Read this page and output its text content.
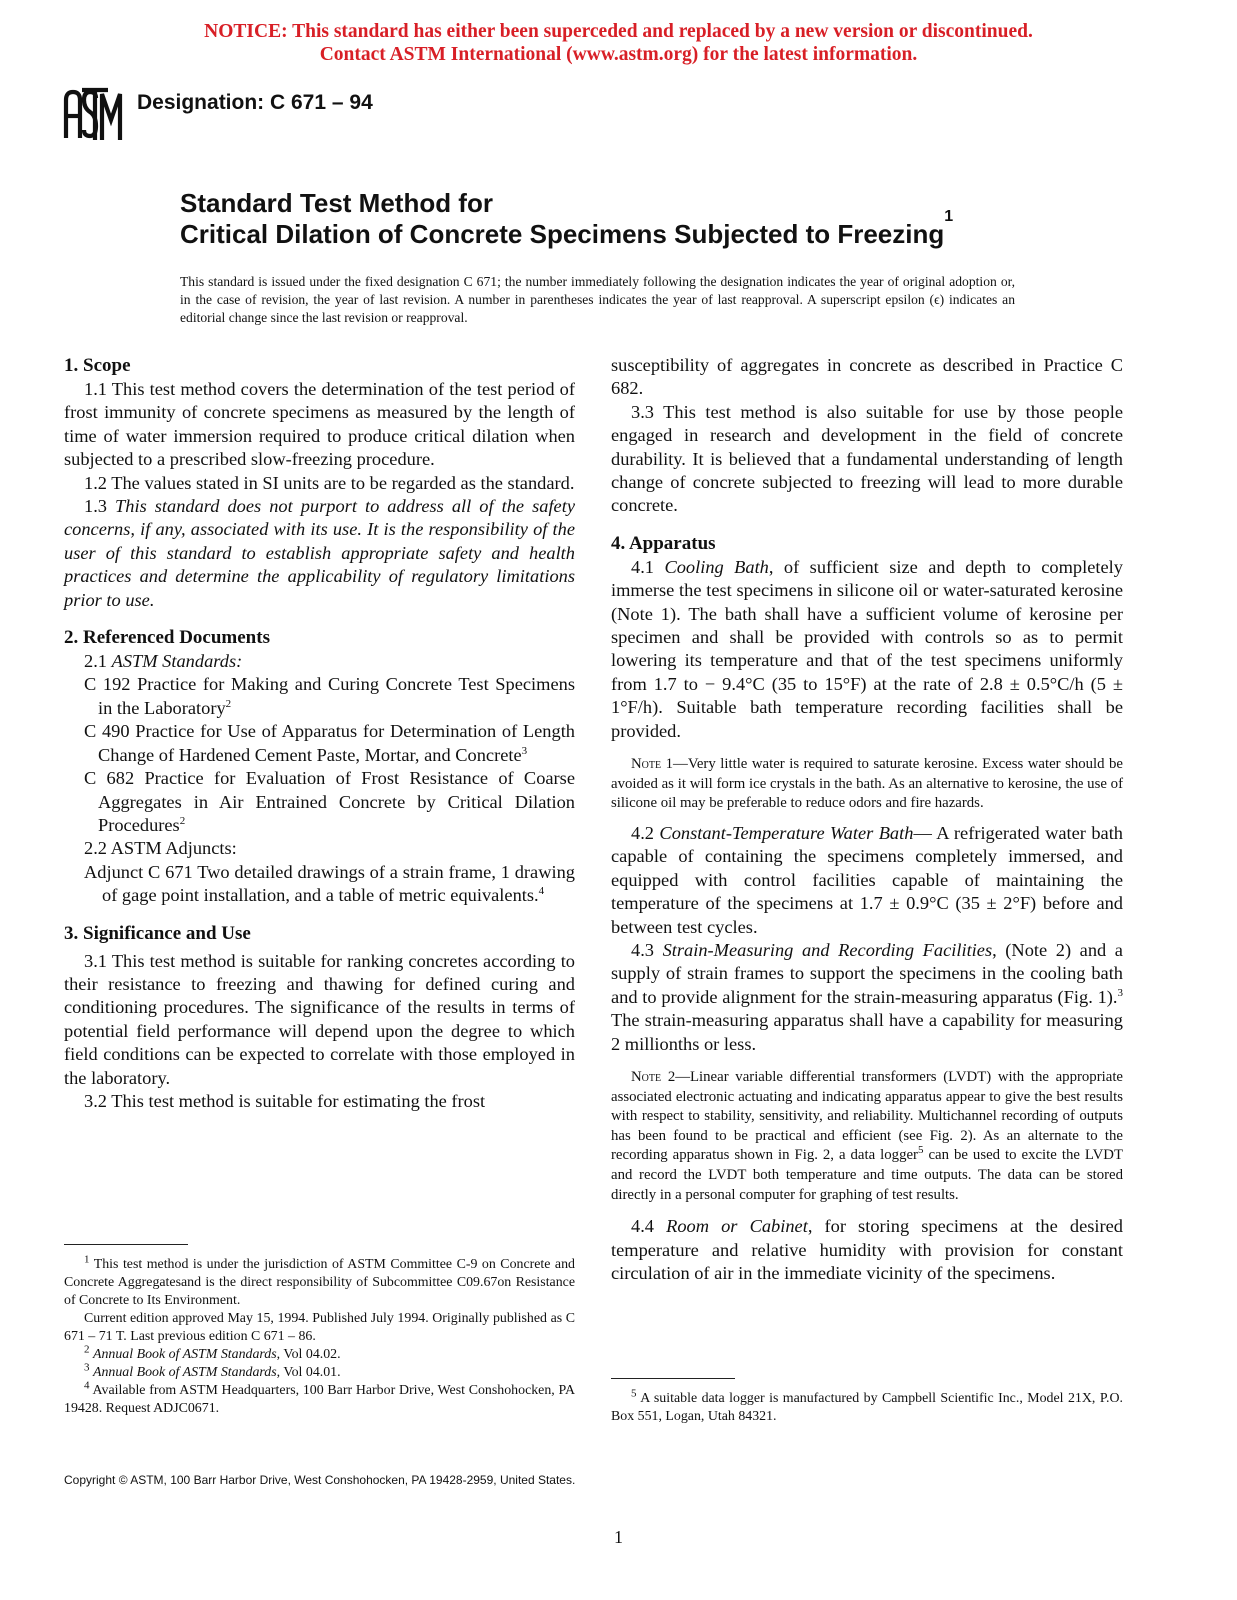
NOTICE: This standard has either been superceded and replaced by a new version or discontinued.
Contact ASTM International (www.astm.org) for the latest information.
Designation: C 671 – 94
Standard Test Method for
Critical Dilation of Concrete Specimens Subjected to Freezing$^1$
This standard is issued under the fixed designation C 671; the number immediately following the designation indicates the year of original adoption or, in the case of revision, the year of last revision. A number in parentheses indicates the year of last reapproval. A superscript epsilon (ϵ) indicates an editorial change since the last revision or reapproval.
1. Scope

1.1 This test method covers the determination of the test period of frost immunity of concrete specimens as measured by the length of time of water immersion required to produce critical dilation when subjected to a prescribed slow-freezing procedure.

1.2 The values stated in SI units are to be regarded as the standard.

1.3 This standard does not purport to address all of the safety concerns, if any, associated with its use. It is the responsibility of the user of this standard to establish appropriate safety and health practices and determine the applicability of regulatory limitations prior to use.

2. Referenced Documents

2.1 ASTM Standards:

C 192 Practice for Making and Curing Concrete Test Specimens in the Laboratory$^2$

C 490 Practice for Use of Apparatus for Determination of Length Change of Hardened Cement Paste, Mortar, and Concrete$^3$

C 682 Practice for Evaluation of Frost Resistance of Coarse Aggregates in Air Entrained Concrete by Critical Dilation Procedures$^2$

2.2 ASTM Adjuncts:

Adjunct C 671 Two detailed drawings of a strain frame, 1 drawing of gage point installation, and a table of metric equivalents.$^4$

3. Significance and Use

3.1 This test method is suitable for ranking concretes according to their resistance to freezing and thawing for defined curing and conditioning procedures. The significance of the results in terms of potential field performance will depend upon the degree to which field conditions can be expected to correlate with those employed in the laboratory.

3.2 This test method is suitable for estimating the frost

susceptibility of aggregates in concrete as described in Practice C 682.

3.3 This test method is also suitable for use by those people engaged in research and development in the field of concrete durability. It is believed that a fundamental understanding of length change of concrete subjected to freezing will lead to more durable concrete.

4. Apparatus

4.1 Cooling Bath, of sufficient size and depth to completely immerse the test specimens in silicone oil or water-saturated kerosine (Note 1). The bath shall have a sufficient volume of kerosine per specimen and shall be provided with controls so as to permit lowering its temperature and that of the test specimens uniformly from 1.7 to − 9.4°C (35 to 15°F) at the rate of 2.8 ± 0.5°C/h (5 ± 1°F/h). Suitable bath temperature recording facilities shall be provided.

Note 1—Very little water is required to saturate kerosine. Excess water should be avoided as it will form ice crystals in the bath. As an alternative to kerosine, the use of silicone oil may be preferable to reduce odors and fire hazards.

4.2 Constant-Temperature Water Bath— A refrigerated water bath capable of containing the specimens completely immersed, and equipped with control facilities capable of maintaining the temperature of the specimens at 1.7 ± 0.9°C (35 ± 2°F) before and between test cycles.

4.3 Strain-Measuring and Recording Facilities, (Note 2) and a supply of strain frames to support the specimens in the cooling bath and to provide alignment for the strain-measuring apparatus (Fig. 1).$^3$ The strain-measuring apparatus shall have a capability for measuring 2 millionths or less.

Note 2—Linear variable differential transformers (LVDT) with the appropriate associated electronic actuating and indicating apparatus appear to give the best results with respect to stability, sensitivity, and reliability. Multichannel recording of outputs has been found to be practical and efficient (see Fig. 2). As an alternate to the recording apparatus shown in Fig. 2, a data logger$^5$ can be used to excite the LVDT and record the LVDT both temperature and time outputs. The data can be stored directly in a personal computer for graphing of test results.

4.4 Room or Cabinet, for storing specimens at the desired temperature and relative humidity with provision for constant circulation of air in the immediate vicinity of the specimens.

$^1$ This test method is under the jurisdiction of ASTM Committee C-9 on Concrete and Concrete Aggregatesand is the direct responsibility of Subcommittee C09.67on Resistance of Concrete to Its Environment.

Current edition approved May 15, 1994. Published July 1994. Originally published as C 671 – 71 T. Last previous edition C 671 – 86.

$^2$ Annual Book of ASTM Standards, Vol 04.02.

$^3$ Annual Book of ASTM Standards, Vol 04.01.

$^4$ Available from ASTM Headquarters, 100 Barr Harbor Drive, West Conshohocken, PA 19428. Request ADJC0671.

$^5$ A suitable data logger is manufactured by Campbell Scientific Inc., Model 21X, P.O. Box 551, Logan, Utah 84321.

Copyright © ASTM, 100 Barr Harbor Drive, West Conshohocken, PA 19428-2959, United States.
1
